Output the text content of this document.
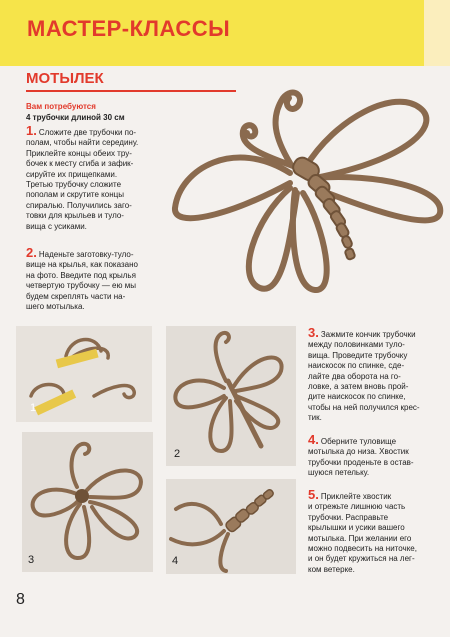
МАСТЕР-КЛАССЫ
МОТЫЛЕК
Вам потребуются
4 трубочки длиной 30 см
1. Сложите две трубочки по-
полам, чтобы найти середину.
Приклейте концы обеих тру-
бочек к месту сгиба и зафик-
сируйте их прищепками.
Третью трубочку сложите
пополам и скрутите концы
спиралью. Получились заго-
товки для крыльев и туло-
вища с усиками.
2. Наденьте заготовку-туло-
вище на крылья, как показано
на фото. Введите под крылья
четвертую трубочку — ею мы
будем скреплять части на-
шего мотылька.
3. Зажмите кончик трубочки
между половинками туло-
вища. Проведите трубочку
наискосок по спинке, сде-
лайте два оборота на го-
ловке, а затем вновь прой-
дите наискосок по спинке,
чтобы на ней получился крес-
тик.
4. Оберните туловище
мотылька до низа. Хвостик
трубочки проденьте в остав-
шуюся петельку.
5. Приклейте хвостик
и отрежьте лишнюю часть
трубочки. Расправьте
крылышки и усики вашего
мотылька. При желании его
можно подвесить на ниточке,
и он будет кружиться на лег-
ком ветерке.
1
2
3	4
8
